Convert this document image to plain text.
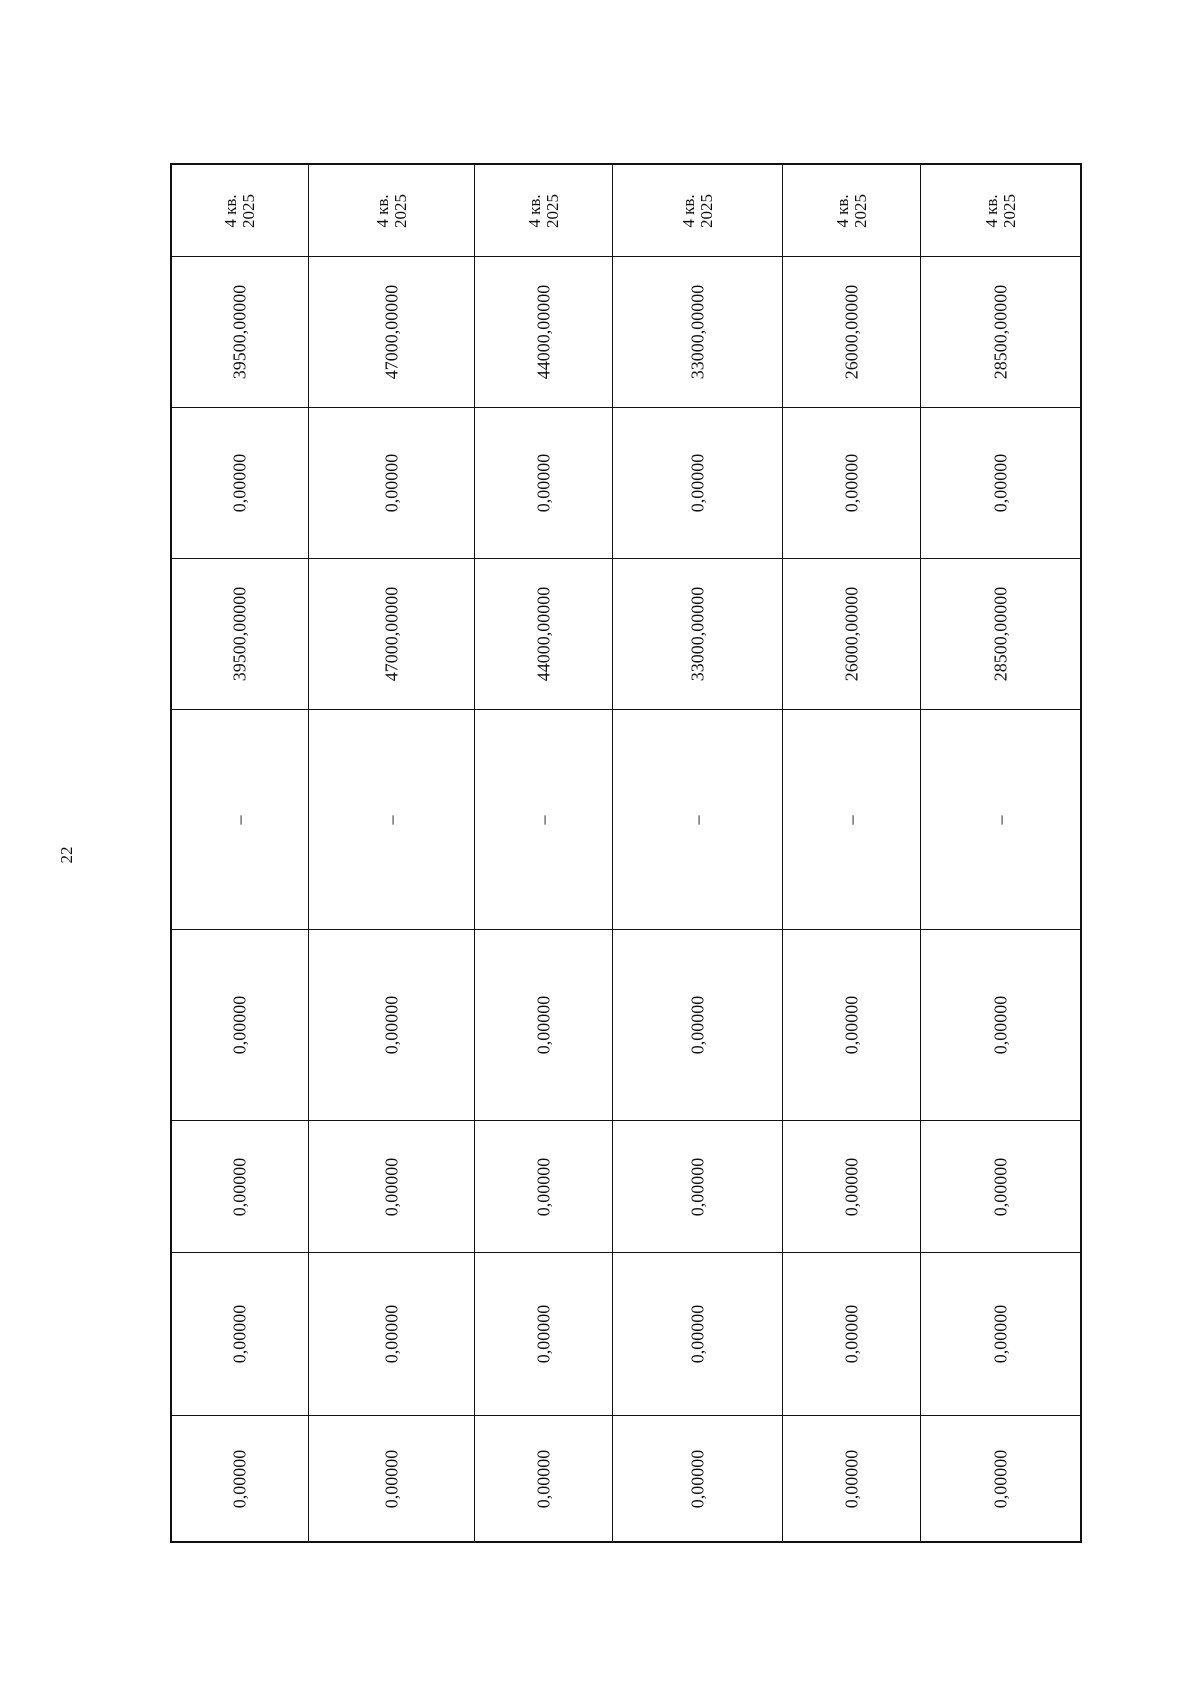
22
4 кв.
2025
39500,00000
0,00000
39500,00000
–
0,00000
0,00000
0,00000
0,00000
4 кв.
2025
47000,00000
0,00000
47000,00000
–
0,00000
0,00000
0,00000
0,00000
4 кв.
2025
44000,00000
0,00000
44000,00000
–
0,00000
0,00000
0,00000
0,00000
4 кв.
2025
33000,00000
0,00000
33000,00000
–
0,00000
0,00000
0,00000
0,00000
4 кв.
2025
26000,00000
0,00000
26000,00000
–
0,00000
0,00000
0,00000
0,00000
4 кв.
2025
28500,00000
0,00000
28500,00000
–
0,00000
0,00000
0,00000
0,00000
